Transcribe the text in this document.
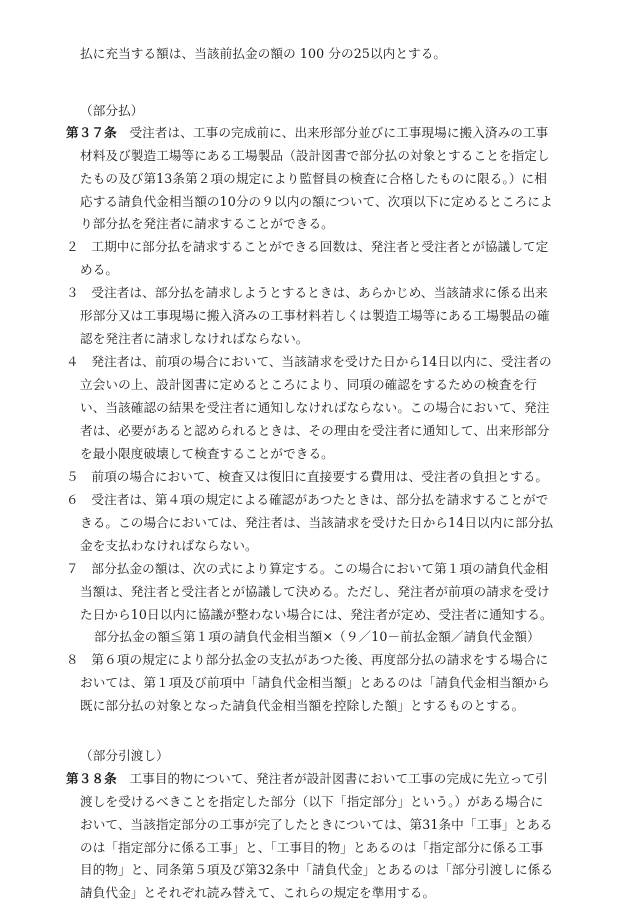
払に充当する額は、当該前払金の額の 100 分の25以内とする。
（部分払）
第３７条　受注者は、工事の完成前に、出来形部分並びに工事現場に搬入済みの工事
材料及び製造工場等にある工場製品（設計図書で部分払の対象とすることを指定し
たもの及び第13条第２項の規定により監督員の検査に合格したものに限る。）に相
応する請負代金相当額の10分の９以内の額について、次項以下に定めるところによ
り部分払を発注者に請求することができる。
２　工期中に部分払を請求することができる回数は、発注者と受注者とが協議して定
める。
３　受注者は、部分払を請求しようとするときは、あらかじめ、当該請求に係る出来
形部分又は工事現場に搬入済みの工事材料若しくは製造工場等にある工場製品の確
認を発注者に請求しなければならない。
４　発注者は、前項の場合において、当該請求を受けた日から14日以内に、受注者の
立会いの上、設計図書に定めるところにより、同項の確認をするための検査を行
い、当該確認の結果を受注者に通知しなければならない。この場合において、発注
者は、必要があると認められるときは、その理由を受注者に通知して、出来形部分
を最小限度破壊して検査することができる。
５　前項の場合において、検査又は復旧に直接要する費用は、受注者の負担とする。
６　受注者は、第４項の規定による確認があつたときは、部分払を請求することがで
きる。この場合においては、発注者は、当該請求を受けた日から14日以内に部分払
金を支払わなければならない。
７　部分払金の額は、次の式により算定する。この場合において第１項の請負代金相
当額は、発注者と受注者とが協議して決める。ただし、発注者が前項の請求を受け
た日から10日以内に協議が整わない場合には、発注者が定め、受注者に通知する。
部分払金の額≦第１項の請負代金相当額×（９／10－前払金額／請負代金額）
８　第６項の規定により部分払金の支払があつた後、再度部分払の請求をする場合に
おいては、第１項及び前項中「請負代金相当額」とあるのは「請負代金相当額から
既に部分払の対象となった請負代金相当額を控除した額」とするものとする。
（部分引渡し）
第３８条　工事目的物について、発注者が設計図書において工事の完成に先立って引
渡しを受けるべきことを指定した部分（以下「指定部分」という。）がある場合に
おいて、当該指定部分の工事が完了したときについては、第31条中「工事」とある
のは「指定部分に係る工事」と、「工事目的物」とあるのは「指定部分に係る工事
目的物」と、同条第５項及び第32条中「請負代金」とあるのは「部分引渡しに係る
請負代金」とそれぞれ読み替えて、これらの規定を準用する。
